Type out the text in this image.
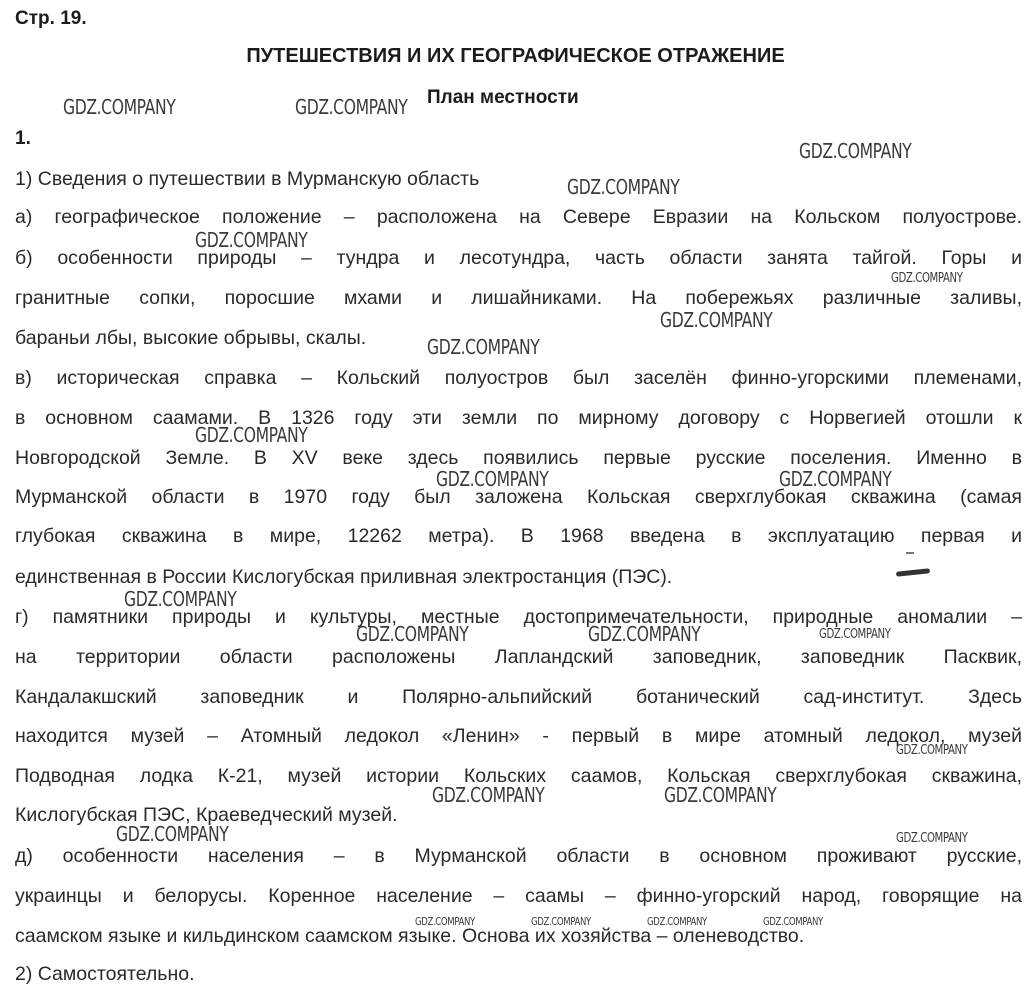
Стр. 19.
ПУТЕШЕСТВИЯ И ИХ ГЕОГРАФИЧЕСКОЕ ОТРАЖЕНИЕ
План местности
1.
1) Сведения о путешествии в Мурманскую область
а) географическое положение – расположена на Севере Евразии на Кольском полуострове.
б) особенности природы – тундра и лесотундра, часть области занята тайгой. Горы и
гранитные сопки, поросшие мхами и лишайниками. На побережьях различные заливы,
бараньи лбы, высокие обрывы, скалы.
в) историческая справка – Кольский полуостров был заселён финно-угорскими племенами,
в основном саамами. В 1326 году эти земли по мирному договору с Норвегией отошли к
Новгородской Земле. В XV веке здесь появились первые русские поселения. Именно в
Мурманской области в 1970 году был заложена Кольская сверхглубокая скважина (самая
глубокая скважина в мире, 12262 метра). В 1968 введена в эксплуатацию первая и
единственная в России Кислогубская приливная электростанция (ПЭС).
г) памятники природы и культуры, местные достопримечательности, природные аномалии –
на территории области расположены Лапландский заповедник, заповедник Пасквик,
Кандалакшский заповедник и Полярно-альпийский ботанический сад-институт. Здесь
находится музей – Атомный ледокол «Ленин» - первый в мире атомный ледокол, музей
Подводная лодка К-21, музей истории Кольских саамов, Кольская сверхглубокая скважина,
Кислогубская ПЭС, Краеведческий музей.
д) особенности населения – в Мурманской области в основном проживают русские,
украинцы и белорусы. Коренное население – саамы – финно-угорский народ, говорящие на
саамском языке и кильдинском саамском языке. Основа их хозяйства – оленеводство.
2) Самостоятельно.
GDZ.COMPANY	GDZ.COMPANY
GDZ.COMPANY
GDZ.COMPANY
GDZ.COMPANY
GDZ.COMPANY
GDZ.COMPANY
GDZ.COMPANY
GDZ.COMPANY
GDZ.COMPANY	GDZ.COMPANY
GDZ.COMPANY
GDZ.COMPANY	GDZ.COMPANY	GDZ.COMPANY
GDZ.COMPANY
GDZ.COMPANY	GDZ.COMPANY
GDZ.COMPANY	GDZ.COMPANY
GDZ.COMPANY	GDZ.COMPANY	GDZ.COMPANY	GDZ.COMPANY
